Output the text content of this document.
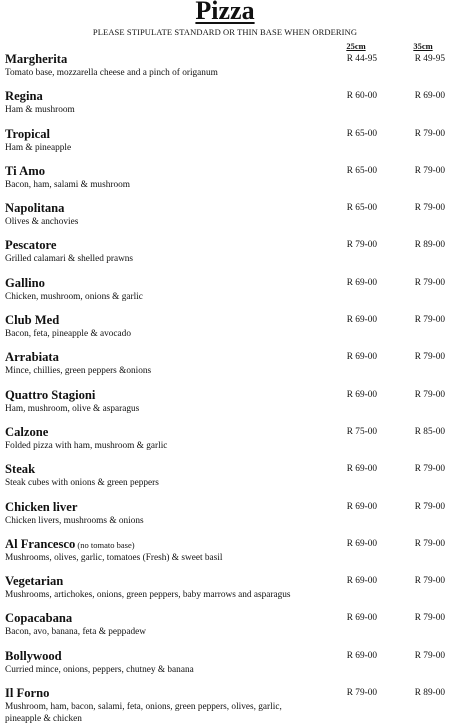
Pizza
PLEASE STIPULATE STANDARD OR THIN BASE WHEN ORDERING
25cm	35cm
Margherita
Tomato base, mozzarella cheese and a pinch of origanum
R 44-95	R 49-95
Regina
Ham & mushroom
R 60-00	R 69-00
Tropical
Ham & pineapple
R 65-00	R 79-00
Ti Amo
Bacon, ham, salami & mushroom
R 65-00	R 79-00
Napolitana
Olives & anchovies
R 65-00	R 79-00
Pescatore
Grilled calamari & shelled prawns
R 79-00	R 89-00
Gallino
Chicken, mushroom, onions & garlic
R 69-00	R 79-00
Club Med
Bacon, feta, pineapple & avocado
R 69-00	R 79-00
Arrabiata
Mince, chillies, green peppers &onions
R 69-00	R 79-00
Quattro Stagioni
Ham, mushroom, olive & asparagus
R 69-00	R 79-00
Calzone
Folded pizza with ham, mushroom & garlic
R 75-00	R 85-00
Steak
Steak cubes with onions & green peppers
R 69-00	R 79-00
Chicken liver
Chicken livers, mushrooms & onions
R 69-00	R 79-00
Al Francesco (no tomato base)
Mushrooms, olives, garlic, tomatoes (Fresh) & sweet basil
R 69-00	R 79-00
Vegetarian
Mushrooms, artichokes, onions, green peppers, baby marrows and asparagus
R 69-00	R 79-00
Copacabana
Bacon, avo, banana, feta & peppadew
R 69-00	R 79-00
Bollywood
Curried mince, onions, peppers, chutney & banana
R 69-00	R 79-00
Il Forno
Mushroom, ham, bacon, salami, feta, onions, green peppers, olives, garlic, pineapple & chicken
R 79-00	R 89-00
